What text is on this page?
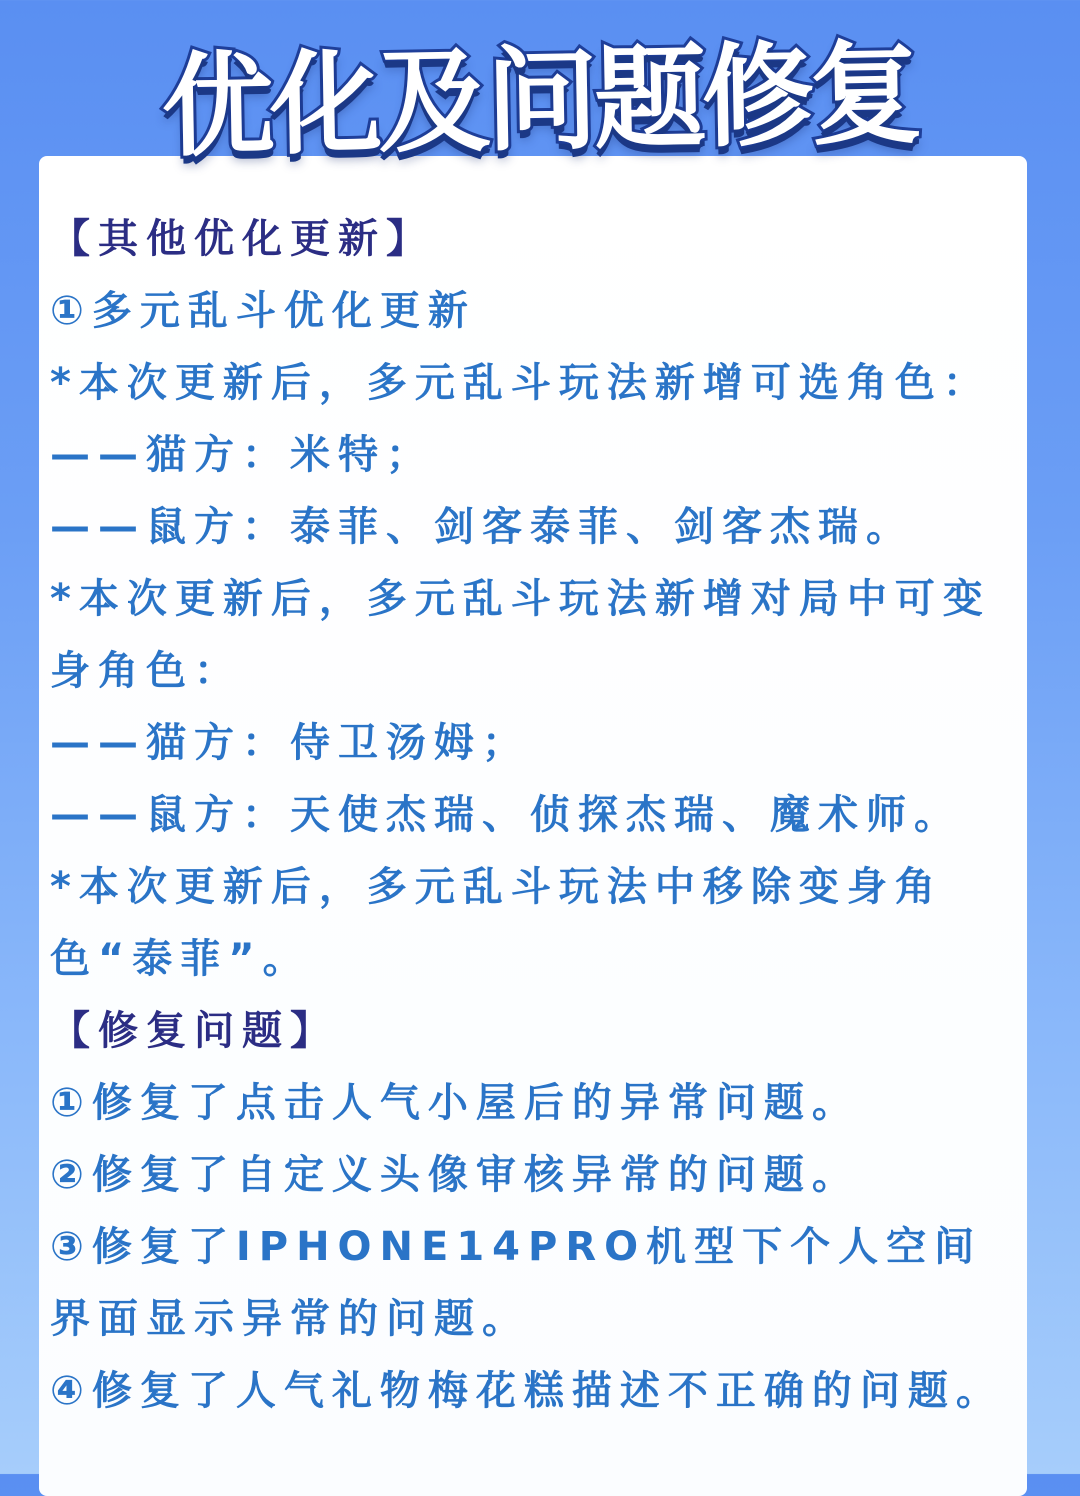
优化及问题修复
【其他优化更新】
①多元乱斗优化更新
*本次更新后，多元乱斗玩法新增可选角色：
——猫方：米特；
——鼠方：泰菲、剑客泰菲、剑客杰瑞。
*本次更新后，多元乱斗玩法新增对局中可变身角色：
——猫方：侍卫汤姆；
——鼠方：天使杰瑞、侦探杰瑞、魔术师。
*本次更新后，多元乱斗玩法中移除变身角色“泰菲”。
【修复问题】
①修复了点击人气小屋后的异常问题。
②修复了自定义头像审核异常的问题。
③修复了IPHONE14PRO机型下个人空间界面显示异常的问题。
④修复了人气礼物梅花糕描述不正确的问题。
